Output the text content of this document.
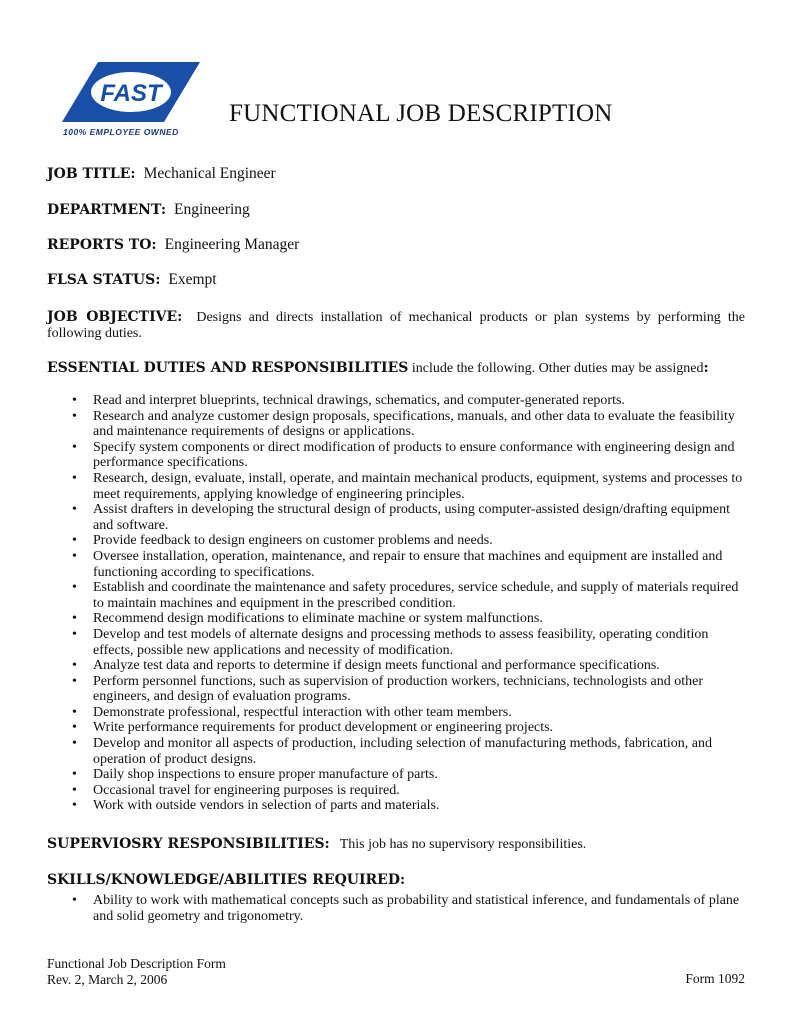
FAST
100% EMPLOYEE OWNED
FUNCTIONAL JOB DESCRIPTION
JOB TITLE: Mechanical Engineer
DEPARTMENT: Engineering
REPORTS TO: Engineering Manager
FLSA STATUS: Exempt
JOB OBJECTIVE: Designs and directs installation of mechanical products or plan systems by performing the following duties.
ESSENTIAL DUTIES AND RESPONSIBILITIES include the following. Other duties may be assigned:
• Read and interpret blueprints, technical drawings, schematics, and computer-generated reports.
• Research and analyze customer design proposals, specifications, manuals, and other data to evaluate the feasibility and maintenance requirements of designs or applications.
• Specify system components or direct modification of products to ensure conformance with engineering design and performance specifications.
• Research, design, evaluate, install, operate, and maintain mechanical products, equipment, systems and processes to meet requirements, applying knowledge of engineering principles.
• Assist drafters in developing the structural design of products, using computer-assisted design/drafting equipment and software.
• Provide feedback to design engineers on customer problems and needs.
• Oversee installation, operation, maintenance, and repair to ensure that machines and equipment are installed and functioning according to specifications.
• Establish and coordinate the maintenance and safety procedures, service schedule, and supply of materials required to maintain machines and equipment in the prescribed condition.
• Recommend design modifications to eliminate machine or system malfunctions.
• Develop and test models of alternate designs and processing methods to assess feasibility, operating condition effects, possible new applications and necessity of modification.
• Analyze test data and reports to determine if design meets functional and performance specifications.
• Perform personnel functions, such as supervision of production workers, technicians, technologists and other engineers, and design of evaluation programs.
• Demonstrate professional, respectful interaction with other team members.
• Write performance requirements for product development or engineering projects.
• Develop and monitor all aspects of production, including selection of manufacturing methods, fabrication, and operation of product designs.
• Daily shop inspections to ensure proper manufacture of parts.
• Occasional travel for engineering purposes is required.
• Work with outside vendors in selection of parts and materials.
SUPERVIOSRY RESPONSIBILITIES: This job has no supervisory responsibilities.
SKILLS/KNOWLEDGE/ABILITIES REQUIRED:
• Ability to work with mathematical concepts such as probability and statistical inference, and fundamentals of plane and solid geometry and trigonometry.
Functional Job Description Form
Rev. 2, March 2, 2006	Form 1092
